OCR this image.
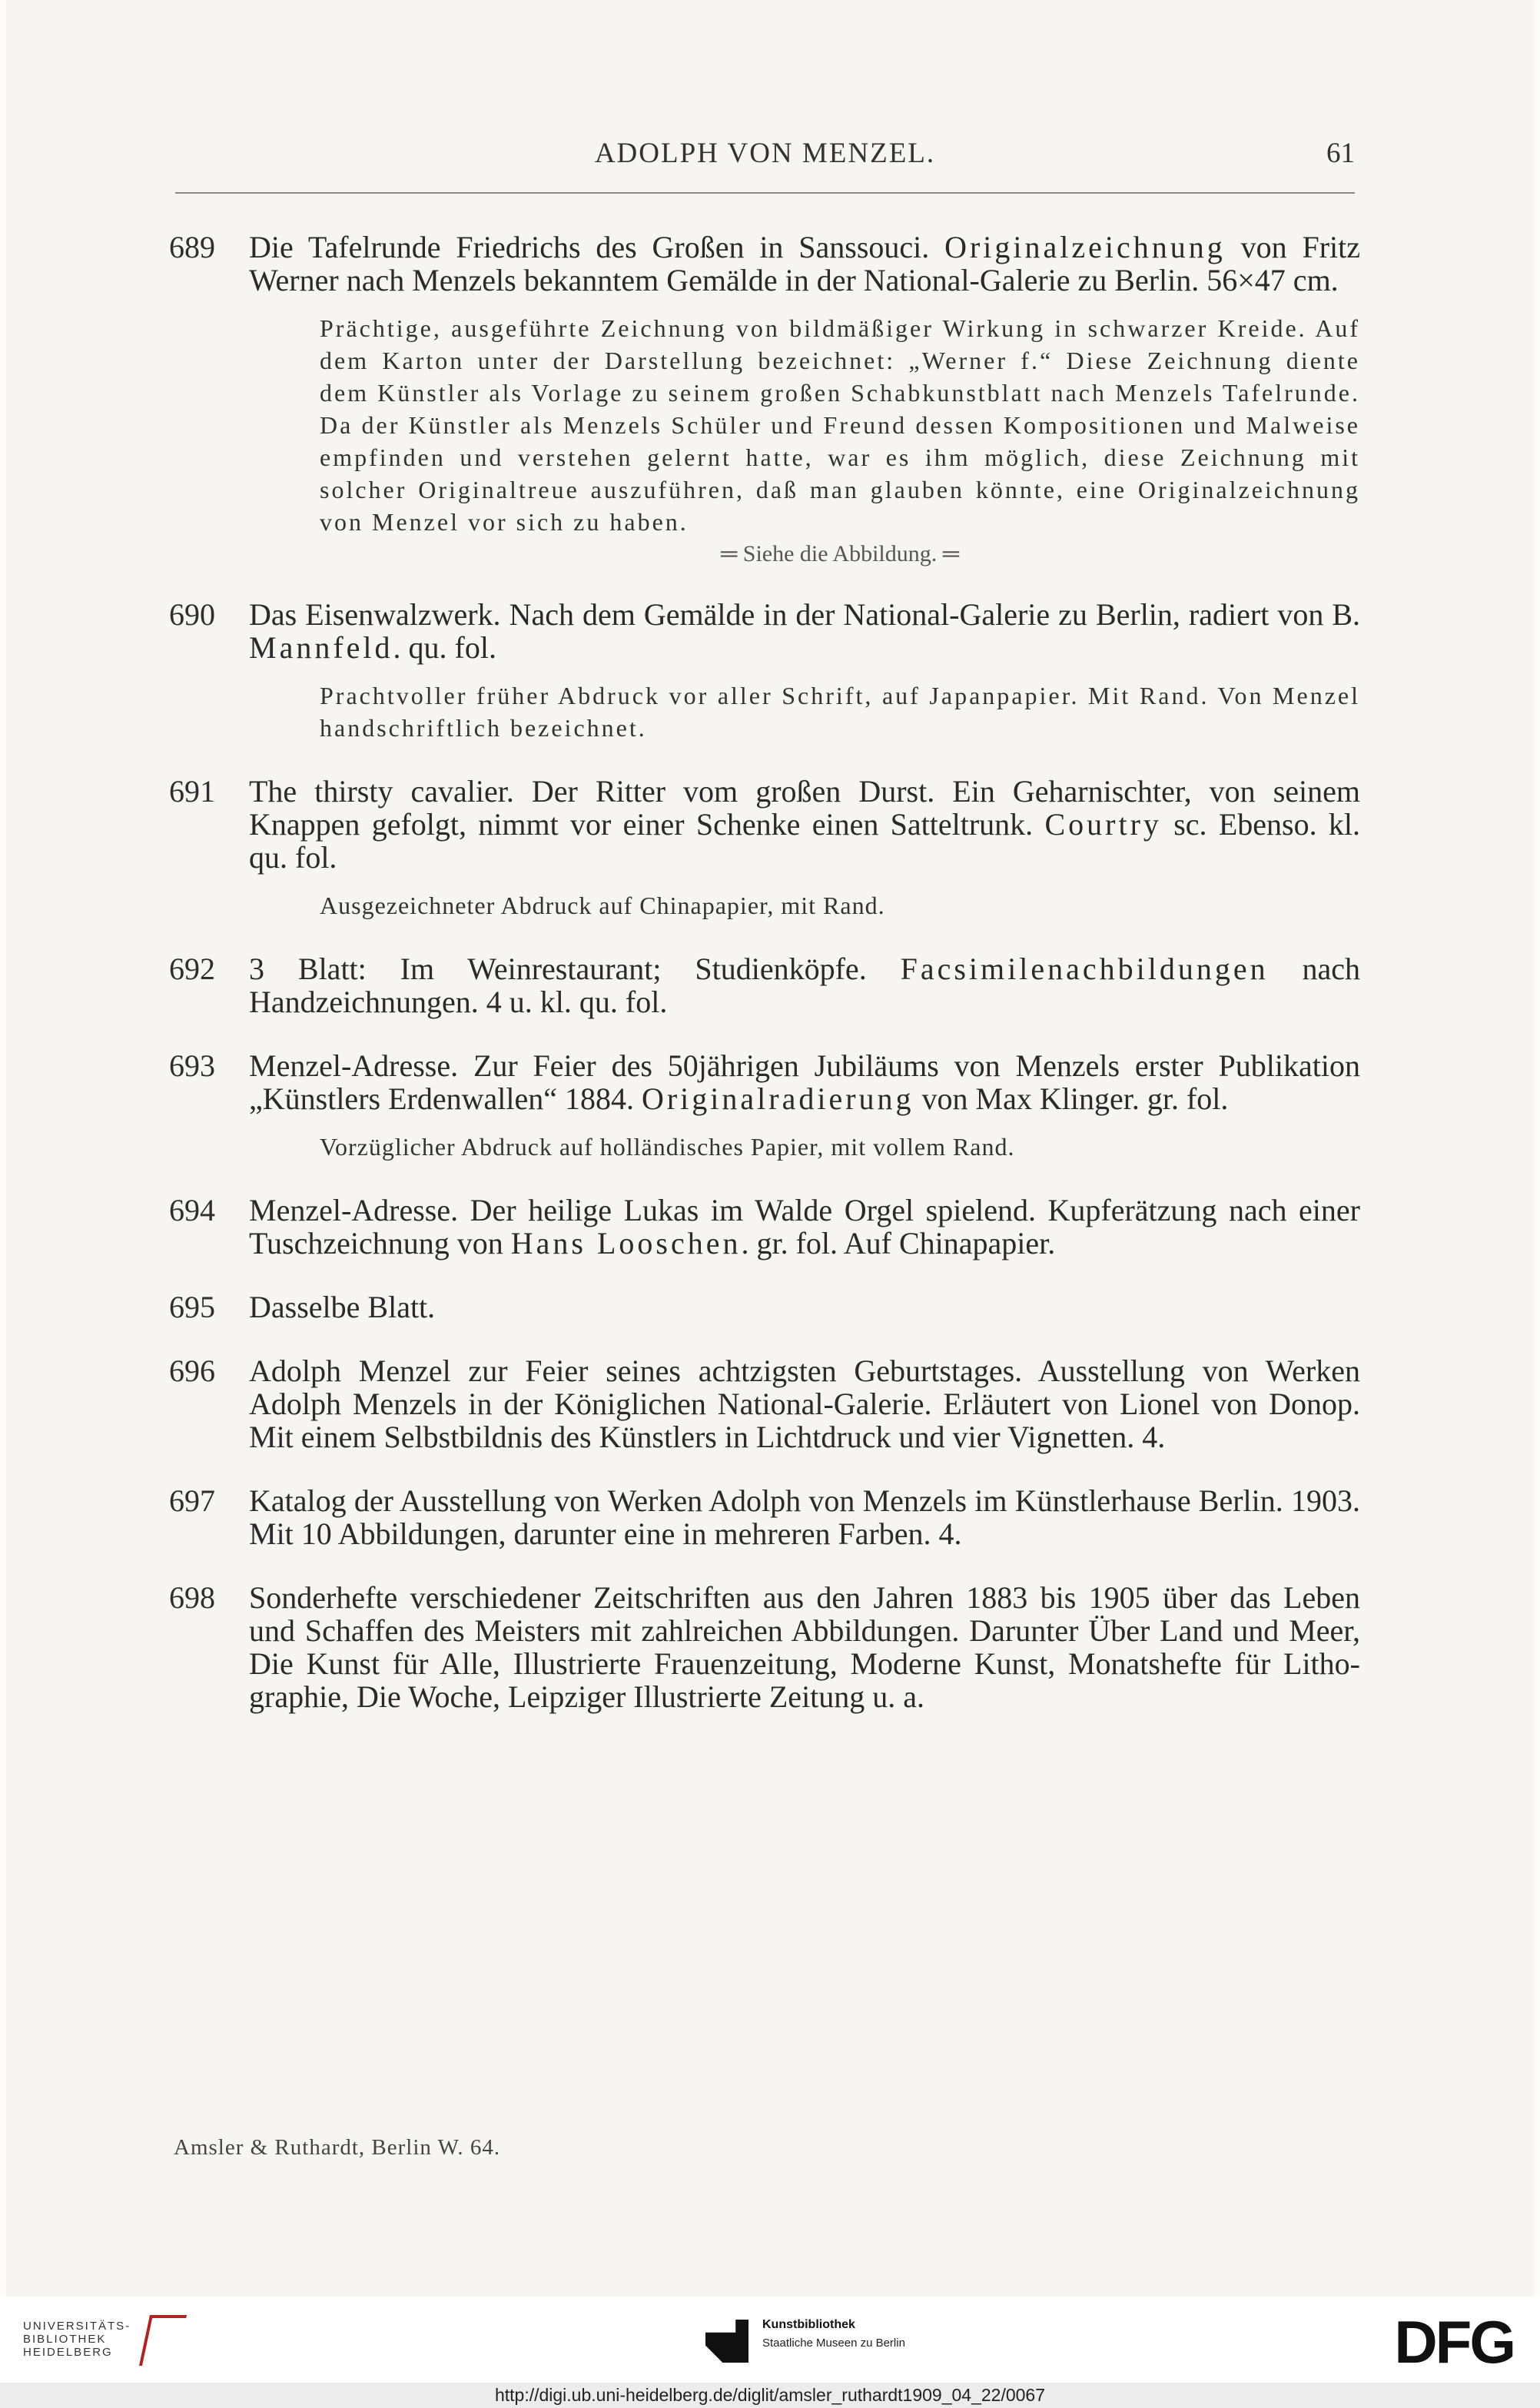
ADOLPH VON MENZEL.	61
689 Die Tafelrunde Friedrichs des Großen in Sanssouci. Originalzeichnung von Fritz Werner nach Menzels bekanntem Gemälde in der National-Galerie zu Berlin. 56×47 cm.
Prächtige, ausgeführte Zeichnung von bildmäßiger Wirkung in schwarzer Kreide. Auf dem Karton unter der Darstellung bezeichnet: „Werner f.“ Diese Zeichnung diente dem Künstler als Vorlage zu seinem großen Schabkunstblatt nach Menzels Tafelrunde. Da der Künstler als Menzels Schüler und Freund dessen Kompositionen und Malweise empfinden und verstehen gelernt hatte, war es ihm möglich, diese Zeichnung mit solcher Originaltreue auszuführen, daß man glauben könnte, eine Originalzeichnung von Menzel vor sich zu haben.
═ Siehe die Abbildung. ═
690 Das Eisenwalzwerk. Nach dem Gemälde in der National-Galerie zu Berlin, radiert von B. Mannfeld. qu. fol.
Prachtvoller früher Abdruck vor aller Schrift, auf Japanpapier. Mit Rand. Von Menzel handschriftlich bezeichnet.
691 The thirsty cavalier. Der Ritter vom großen Durst. Ein Geharnischter, von seinem Knappen gefolgt, nimmt vor einer Schenke einen Satteltrunk. Courtry sc. Ebenso. kl. qu. fol.
Ausgezeichneter Abdruck auf Chinapapier, mit Rand.
692 3 Blatt: Im Weinrestaurant; Studienköpfe. Facsimilenachbildungen nach Handzeichnungen. 4 u. kl. qu. fol.
693 Menzel-Adresse. Zur Feier des 50jährigen Jubiläums von Menzels erster Publikation „Künstlers Erdenwallen“ 1884. Originalradierung von Max Klinger. gr. fol.
Vorzüglicher Abdruck auf holländisches Papier, mit vollem Rand.
694 Menzel-Adresse. Der heilige Lukas im Walde Orgel spielend. Kupferätzung nach einer Tuschzeichnung von Hans Looschen. gr. fol. Auf Chinapapier.
695 Dasselbe Blatt.
696 Adolph Menzel zur Feier seines achtzigsten Geburtstages. Ausstellung von Werken Adolph Menzels in der Königlichen National-Galerie. Erläutert von Lionel von Donop. Mit einem Selbstbildnis des Künstlers in Lichtdruck und vier Vignetten. 4.
697 Katalog der Ausstellung von Werken Adolph von Menzels im Künstlerhause Berlin. 1903. Mit 10 Abbildungen, darunter eine in mehreren Farben. 4.
698 Sonderhefte verschiedener Zeitschriften aus den Jahren 1883 bis 1905 über das Leben und Schaffen des Meisters mit zahlreichen Abbildungen. Darunter Über Land und Meer, Die Kunst für Alle, Illustrierte Frauenzeitung, Moderne Kunst, Monatshefte für Lithographie, Die Woche, Leipziger Illustrierte Zeitung u. a.
Amsler & Ruthardt, Berlin W. 64.
UNIVERSITÄTS-
BIBLIOTHEK
HEIDELBERG
Kunstbibliothek
Staatliche Museen zu Berlin	DFG
http://digi.ub.uni-heidelberg.de/diglit/amsler_ruthardt1909_04_22/0067
